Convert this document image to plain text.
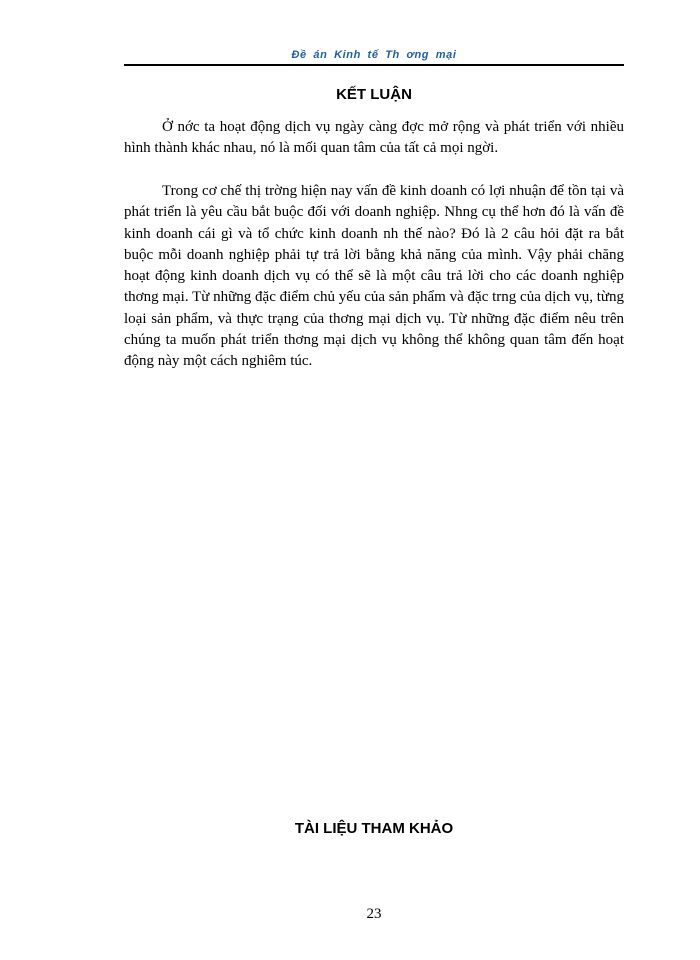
Đề án Kinh tế Th ơng mại
KẾT LUẬN

Ở nớc ta hoạt động dịch vụ ngày càng đợc mở rộng và phát triển với nhiều hình thành khác nhau, nó là mối quan tâm của tất cả mọi ngời.

Trong cơ chế thị trờng hiện nay vấn đề kinh doanh có lợi nhuận để tồn tại và phát triển là yêu cầu bắt buộc đối với doanh nghiệp. Nhng cụ thể hơn đó là vấn đề kinh doanh cái gì và tổ chức kinh doanh nh thế nào? Đó là 2 câu hỏi đặt ra bắt buộc mỗi doanh nghiệp phải tự trả lời bằng khả năng của mình. Vậy phải chăng hoạt động kinh doanh dịch vụ có thể sẽ là một câu trả lời cho các doanh nghiệp thơng mại. Từ những đặc điểm chủ yếu của sản phẩm và đặc trng của dịch vụ, từng loại sản phẩm, và thực trạng của thơng mại dịch vụ. Từ những đặc điểm nêu trên chúng ta muốn phát triển thơng mại dịch vụ không thể không quan tâm đến hoạt động này một cách nghiêm túc.

TÀI LIỆU THAM KHẢO
23
